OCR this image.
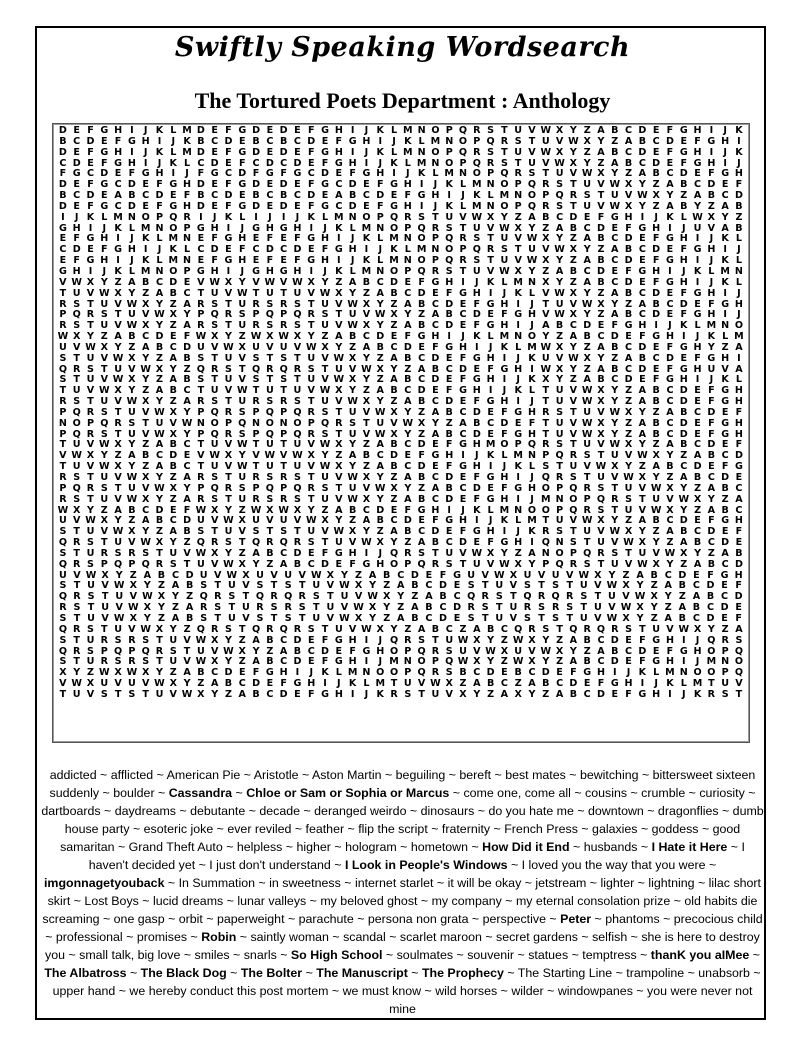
Swiftly Speaking Wordsearch
The Tortured Poets Department : Anthology
D E F G H I	J K L M D E F G D E D E F G H I	J K L M N O P Q R S T U V W X Y Z A B C D E F G H I	J K
B C D E F G H I	J K B C D E B C B C D E F G H I	J K L M N O P Q R S T U V W X Y Z A B C D E F G H I
D E F G H I	J K L M D E F G D E D E F G H I	J K L M N O P Q R S T U V W X Y Z A B C D E F G H I	J K
C D E F G H I	J K L C D E F C D C D E F G H I	J K L M N O P Q R S T U V W X Y Z A B C D E F G H I	J
F G C D E F G H I	J F G C D F G F G C D E F G H I	J K L M N O P Q R S T U V W X Y Z A B C D E F G H
D E F G C D E F G H D E F G D E D E F G C D E F G H I	J K L M N O P Q R S T U V W X Y Z A B C D E F
B C D E A B C D E F B C D E B C B C D E A B C D E F G H I	J K L M N O P Q R S T U V W X Y Z A B C D
D E F G C D E F G H D E F G D E D E F G C D E F G H I	J K L M N O P Q R S T U V W X Y Z A B Y Z A B
I	J K L M N O P Q R I	J K L I	J	I	J K L M N O P Q R S T U V W X Y Z A B C D E F G H I	J K L W X Y Z
G H I	J K L M N O P G H I	J G H G H I	J K L M N O P Q R S T U V W X Y Z A B C D E F G H I	J U V A B
E F G H I	J K L M N E F G H E F E F G H I	J K L M N O P Q R S T U V W X Y Z A B C D E F G H I	J K L
C D E F G H I	J K L C D E F C D C D E F G H I	J K L M N O P Q R S T U V W X Y Z A B C D E F G H I	J
E F G H I	J K L M N E F G H E F E F G H I	J K L M N O P Q R S T U V W X Y Z A B C D E F G H I	J K L
G H I	J K L M N O P G H I	J G H G H I	J K L M N O P Q R S T U V W X Y Z A B C D E F G H I	J K L M N
V W X Y Z A B C D E V W X Y V W V W X Y Z A B C D E F G H I	J K L M N X Y Z A B C D E F G H I	J K L
T U V W X Y Z A B C T U V W T U T U V W X Y Z A B C D E F G H I	J K L V W X Y Z A B C D E F G H I	J
R S T U V W X Y Z A R S T U R S R S T U V W X Y Z A B C D E F G H I	J T U V W X Y Z A B C D E F G H
P Q R S T U V W X Y P Q R S P Q P Q R S T U V W X Y Z A B C D E F G H V W X Y Z A B C D E F G H I	J
R S T U V W X Y Z A R S T U R S R S T U V W X Y Z A B C D E F G H I	J A B C D E F G H I	J K L M N O
W X Y Z A B C D E F W X Y Z W X W X Y Z A B C D E F G H I	J K L M N O Y Z A B C D E F G H I	J K L M
U V W X Y Z A B C D U V W X U V U V W X Y Z A B C D E F G H I	J K L M W X Y Z A B C D E F G H Y Z A
S T U V W X Y Z A B S T U V S T S T U V W X Y Z A B C D E F G H I	J K U V W X Y Z A B C D E F G H I
Q R S T U V W X Y Z Q R S T Q R Q R S T U V W X Y Z A B C D E F G H I W X Y Z A B C D E F G H U V A
S T U V W X Y Z A B S T U V S T S T U V W X Y Z A B C D E F G H I	J K X Y Z A B C D E F G H I	J K L
T U V W X Y Z A B C T U V W T U T U V W X Y Z A B C D E F G H I	J K L T U V W X Y Z A B C D E F G H
R S T U V W X Y Z A R S T U R S R S T U V W X Y Z A B C D E F G H I	J T U V W X Y Z A B C D E F G H
P Q R S T U V W X Y P Q R S P Q P Q R S T U V W X Y Z A B C D E F G H R S T U V W X Y Z A B C D E F
N O P Q R S T U V W N O P Q N O N O P Q R S T U V W X Y Z A B C D E F T U V W X Y Z A B C D E F G H
P Q R S T U V W X Y P Q R S P Q P Q R S T U V W X Y Z A B C D E F G H T U V W X Y Z A B C D E F G H
T U V W X Y Z A B C T U V W T U T U V W X Y Z A B C D E F G H M O P Q R S T U V W X Y Z A B C D E F
V W X Y Z A B C D E V W X Y V W V W X Y Z A B C D E F G H I	J K L M N P Q R S T U V W X Y Z A B C D
T U V W X Y Z A B C T U V W T U T U V W X Y Z A B C D E F G H I	J K L S T U V W X Y Z A B C D E F G
R S T U V W X Y Z A R S T U R S R S T U V W X Y Z A B C D E F G H I	J Q R S T U V W X Y Z A B C D E
P Q R S T U V W X Y P Q R S P Q P Q R S T U V W X Y Z A B C D E F G H O P Q R S T U V W X Y Z A B C
R S T U V W X Y Z A R S T U R S R S T U V W X Y Z A B C D E F G H I	J M N O P Q R S T U V W X Y Z A
W X Y Z A B C D E F W X Y Z W X W X Y Z A B C D E F G H I	J K L M N O O P Q R S T U V W X Y Z A B C
U V W X Y Z A B C D U V W X U V U V W X Y Z A B C D E F G H I	J K L M T U V W X Y Z A B C D E F G H
S T U V W X Y Z A B S T U V S T S T U V W X Y Z A B C D E F G H I	J K R S T U V W X Y Z A B C D E F
Q R S T U V W X Y Z Q R S T Q R Q R S T U V W X Y Z A B C D E F G H I Q N S T U V W X Y Z A B C D E
S T U R S R S T U V W X Y Z A B C D E F G H I	J Q R S T U V W X Y Z A N O P Q R S T U V W X Y Z A B
Q R S P Q P Q R S T U V W X Y Z A B C D E F G H O P Q R S T U V W X Y P Q R S T U V W X Y Z A B C D
U V W X Y Z A B C D U V W X U V U V W X Y Z A B C D E F G U V W X U V U V W X Y Z A B C D E F G H
S T U V W X Y Z A B S T U V S T S T U V W X Y Z A B C D E S T U V S T S T U V W X Y Z A B C D E F
Q R S T U V W X Y Z Q R S T Q R Q R S T U V W X Y Z A B C Q R S T Q R Q R S T U V W X Y Z A B C D
R S T U V W X Y Z A R S T U R S R S T U V W X Y Z A B C D R S T U R S R S T U V W X Y Z A B C D E
S T U V W X Y Z A B S T U V S T S T U V W X Y Z A B C D E S T U V S T S T U V W X Y Z A B C D E F
Q R S T U V W X Y Z Q R S T Q R Q R S T U V W X Y Z A B C Z A B C Q R S T Q R Q R S T U V W X Y Z A
S T U R S R S T U V W X Y Z A B C D E F G H I	J Q R S T U W X Y Z W X Y Z A B C D E F G H I	J Q R S
Q R S P Q P Q R S T U V W X Y Z A B C D E F G H O P Q R S U V W X U V W X Y Z A B C D E F G H O P Q
S T U R S R S T U V W X Y Z A B C D E F G H I	J M N O P Q W X Y Z W X Y Z A B C D E F G H I	J M N O
X Y Z W X W X Y Z A B C D E F G H I	J K L M N O O P Q R S B C D E B C D E F G H I	J K L M N O O P Q
V W X U V U V W X Y Z A B C D E F G H I	J K L M T U V W X Z A B C Z A B C D E F G H I	J K L M T U V
T U V S T S T U V W X Y Z A B C D E F G H I	J K R S T U V X Y Z A X Y Z A B C D E F G H I	J K R S T
addicted ~ afflicted ~ American Pie ~ Aristotle ~ Aston Martin ~ beguiling ~ bereft ~ best mates ~ bewitching ~ bittersweet sixteen suddenly ~ boulder ~ Cassandra ~ Chloe or Sam or Sophia or Marcus ~ come one, come all ~ cousins ~ crumble ~ curiosity ~ dartboards ~ daydreams ~ debutante ~ decade ~ deranged weirdo ~ dinosaurs ~ do you hate me ~ downtown ~ dragonflies ~ dumb house party ~ esoteric joke ~ ever reviled ~ feather ~ flip the script ~ fraternity ~ French Press ~ galaxies ~ goddess ~ good samaritan ~ Grand Theft Auto ~ helpless ~ higher ~ hologram ~ hometown ~ How Did it End ~ husbands ~ I Hate it Here ~ I haven't decided yet ~ I just don't understand ~ I Look in People's Windows ~ I loved you the way that you were ~ imgonnagetyouback ~ In Summation ~ in sweetness ~ internet starlet ~ it will be okay ~ jetstream ~ lighter ~ lightning ~ lilac short skirt ~ Lost Boys ~ lucid dreams ~ lunar valleys ~ my beloved ghost ~ my company ~ my eternal consolation prize ~ old habits die screaming ~ one gasp ~ orbit ~ paperweight ~ parachute ~ persona non grata ~ perspective ~ Peter ~ phantoms ~ precocious child ~ professional ~ promises ~ Robin ~ saintly woman ~ scandal ~ scarlet maroon ~ secret gardens ~ selfish ~ she is here to destroy you ~ small talk, big love ~ smiles ~ snarls ~ So High School ~ soulmates ~ souvenir ~ statues ~ temptress ~ thanK you aIMee ~ The Albatross ~ The Black Dog ~ The Bolter ~ The Manuscript ~ The Prophecy ~ The Starting Line ~ trampoline ~ unabsorb ~ upper hand ~ we hereby conduct this post mortem ~ we must know ~ wild horses ~ wilder ~ windowpanes ~ you were never not mine
